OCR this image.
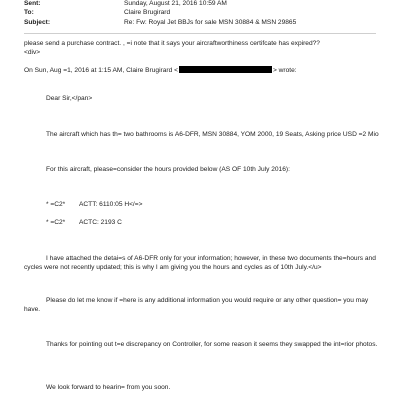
Sent:	Sunday, August 21, 2016 10:59 AM
To:	Claire Brugirard
Subject:	Re: Fw: Royal Jet BBJs for sale MSN 30884 & MSN 29865
please send a purchase contract. , =i note that it says your aircraftworthiness certifcate has expired??
<div>
On Sun, Aug =1, 2016 at 1:15 AM, Claire Brugirard <	> wrote:
Dear Sir,</pan>
The aircraft which has th= two bathrooms is A6-DFR, MSN 30884, YOM 2000, 19 Seats, Asking price USD =2 Mio
For this aircraft, please=consider the hours provided below (AS OF 10th July 2016):
* =C2* ACTT: 6110:05 H</=>
* =C2* ACTC: 2193 C
I have attached the detai=s of A6-DFR only for your information; however, in these two documents the=hours and cycles were not recently updated; this is why I am giving you the hours and cycles as of 10th July.</u>
Please do let me know if =here is any additional information you would require or any other question= you may have.
Thanks for pointing out t=e discrepancy on Controller, for some reason it seems they swapped the int=rior photos.
We look forward to hearin= from you soon.
